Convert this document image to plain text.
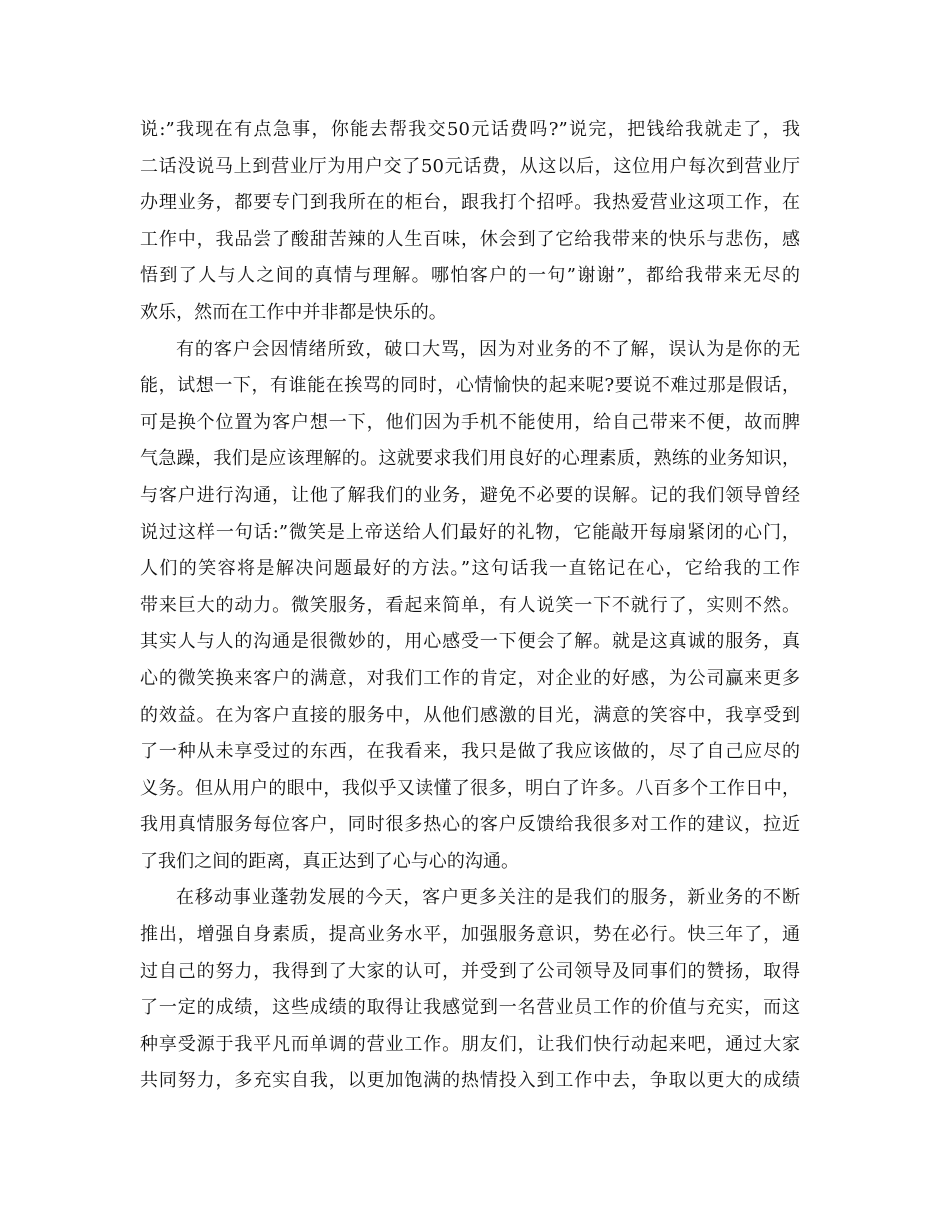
说:”我现在有点急事，你能去帮我交50元话费吗?”说完，把钱给我就走了，我
二话没说马上到营业厅为用户交了50元话费，从这以后，这位用户每次到营业厅
办理业务，都要专门到我所在的柜台，跟我打个招呼。我热爱营业这项工作，在
工作中，我品尝了酸甜苦辣的人生百味，休会到了它给我带来的快乐与悲伤，感
悟到了人与人之间的真情与理解。哪怕客户的一句”谢谢”，都给我带来无尽的
欢乐，然而在工作中并非都是快乐的。
有的客户会因情绪所致，破口大骂，因为对业务的不了解，误认为是你的无
能，试想一下，有谁能在挨骂的同时，心情愉快的起来呢?要说不难过那是假话，
可是换个位置为客户想一下，他们因为手机不能使用，给自己带来不便，故而脾
气急躁，我们是应该理解的。这就要求我们用良好的心理素质，熟练的业务知识，
与客户进行沟通，让他了解我们的业务，避免不必要的误解。记的我们领导曾经
说过这样一句话:”微笑是上帝送给人们最好的礼物，它能敲开每扇紧闭的心门，
人们的笑容将是解决问题最好的方法。”这句话我一直铭记在心，它给我的工作
带来巨大的动力。微笑服务，看起来简单，有人说笑一下不就行了，实则不然。
其实人与人的沟通是很微妙的，用心感受一下便会了解。就是这真诚的服务，真
心的微笑换来客户的满意，对我们工作的肯定，对企业的好感，为公司赢来更多
的效益。在为客户直接的服务中，从他们感激的目光，满意的笑容中，我享受到
了一种从未享受过的东西，在我看来，我只是做了我应该做的，尽了自己应尽的
义务。但从用户的眼中，我似乎又读懂了很多，明白了许多。八百多个工作日中，
我用真情服务每位客户，同时很多热心的客户反馈给我很多对工作的建议，拉近
了我们之间的距离，真正达到了心与心的沟通。
在移动事业蓬勃发展的今天，客户更多关注的是我们的服务，新业务的不断
推出，增强自身素质，提高业务水平，加强服务意识，势在必行。快三年了，通
过自己的努力，我得到了大家的认可，并受到了公司领导及同事们的赞扬，取得
了一定的成绩，这些成绩的取得让我感觉到一名营业员工作的价值与充实，而这
种享受源于我平凡而单调的营业工作。朋友们，让我们快行动起来吧，通过大家
共同努力，多充实自我，以更加饱满的热情投入到工作中去，争取以更大的成绩
